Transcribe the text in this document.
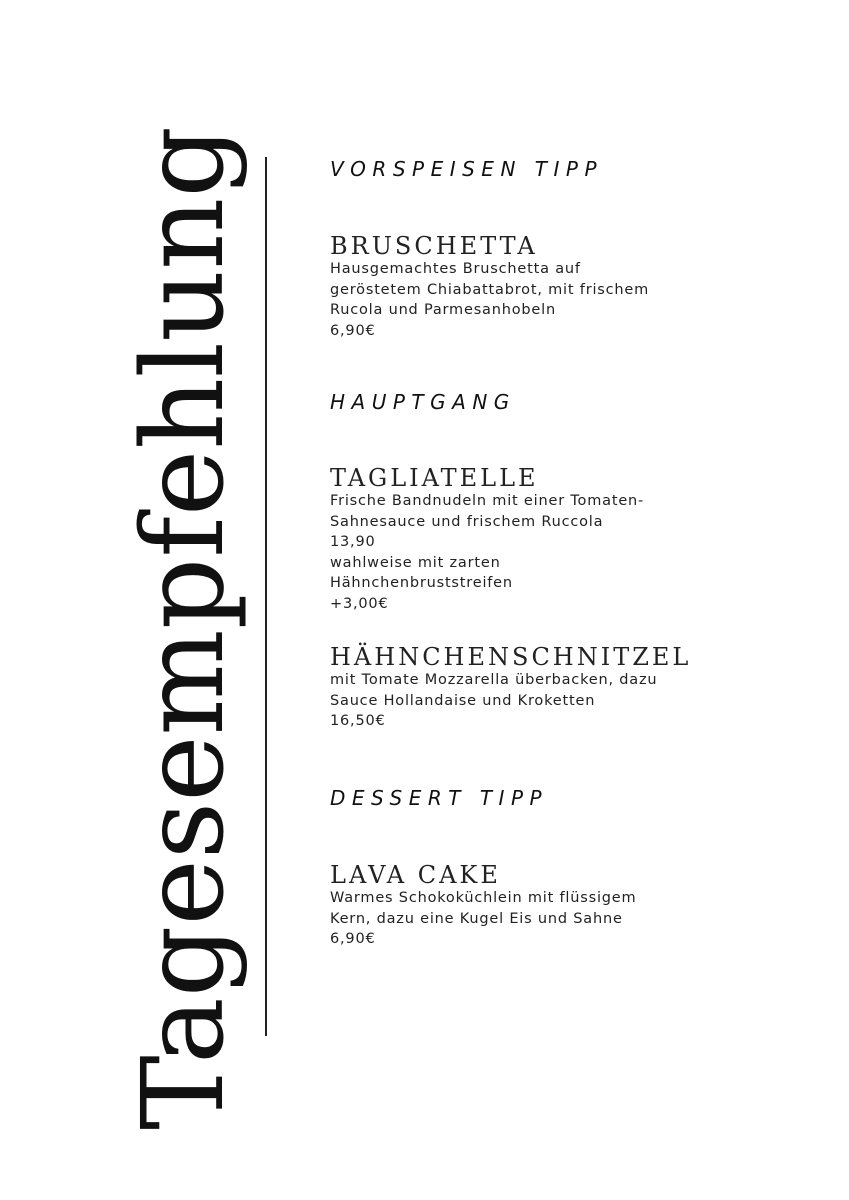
Tagesempfehlung	VORSPEISEN TIPP
BRUSCHETTA
Hausgemachtes Bruschetta auf
geröstetem Chiabattabrot, mit frischem
Rucola und Parmesanhobeln
6,90€
HAUPTGANG
TAGLIATELLE
Frische Bandnudeln mit einer Tomaten-
Sahnesauce und frischem Ruccola
13,90
wahlweise mit zarten
Hähnchenbruststreifen
+3,00€
HÄHNCHENSCHNITZEL
mit Tomate Mozzarella überbacken, dazu
Sauce Hollandaise und Kroketten
16,50€
DESSERT TIPP
LAVA CAKE
Warmes Schokoküchlein mit flüssigem
Kern, dazu eine Kugel Eis und Sahne
6,90€
